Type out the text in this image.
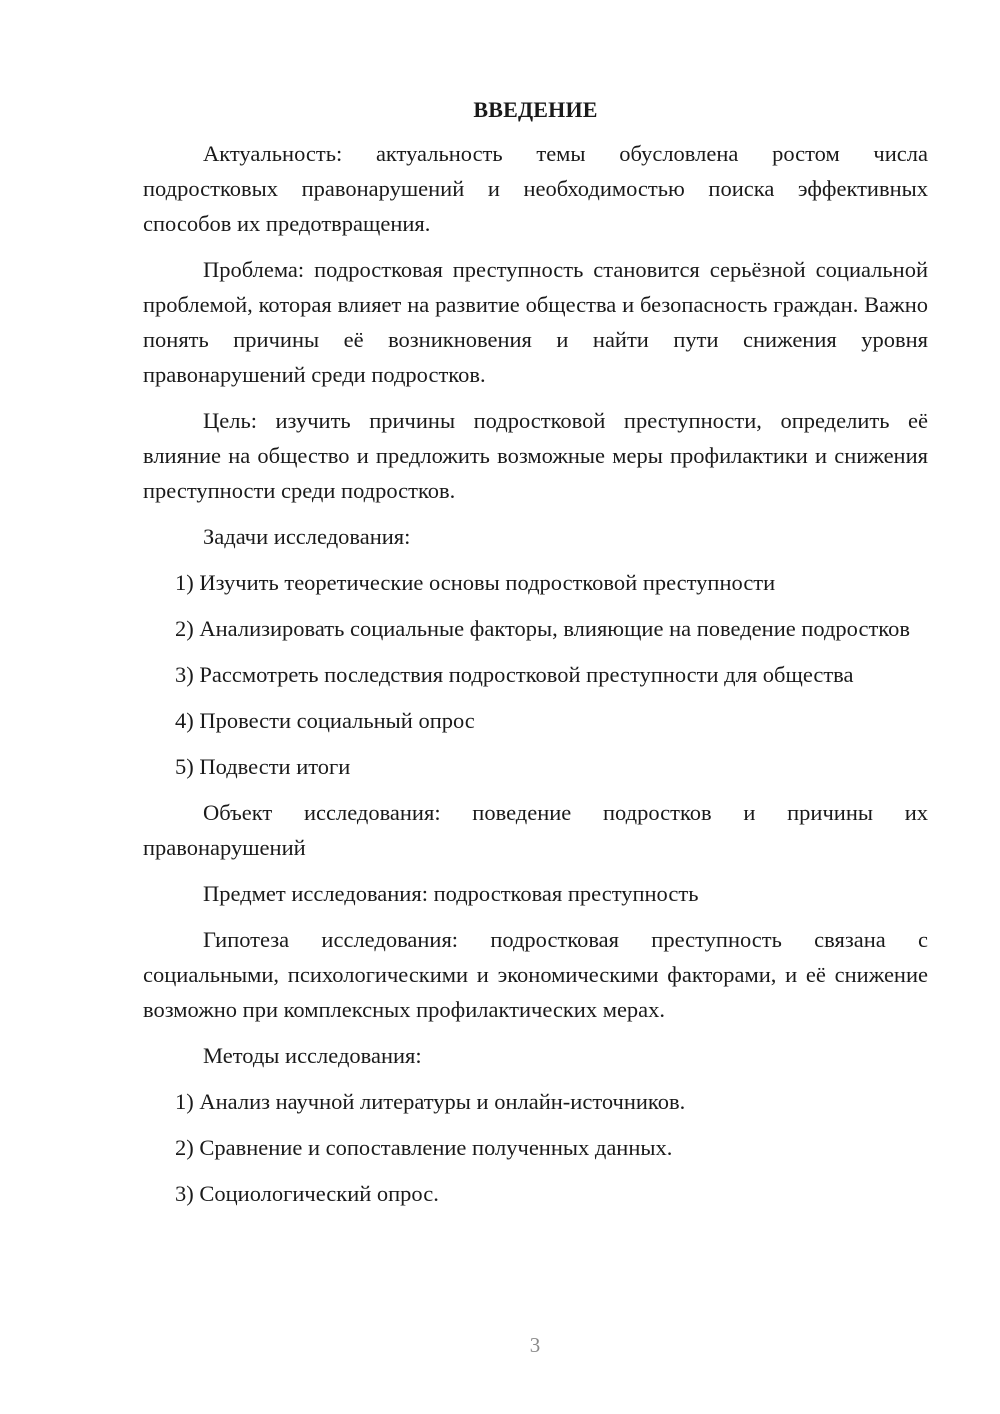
ВВЕДЕНИЕ

Актуальность: актуальность темы обусловлена ростом числа подростковых правонарушений и необходимостью поиска эффективных способов их предотвращения.

Проблема: подростковая преступность становится серьёзной социальной проблемой, которая влияет на развитие общества и безопасность граждан. Важно понять причины её возникновения и найти пути снижения уровня правонарушений среди подростков.

Цель: изучить причины подростковой преступности, определить её влияние на общество и предложить возможные меры профилактики и снижения преступности среди подростков.

Задачи исследования:

1) Изучить теоретические основы подростковой преступности

2) Анализировать социальные факторы, влияющие на поведение подростков

3) Рассмотреть последствия подростковой преступности для общества

4) Провести социальный опрос

5) Подвести итоги

Объект исследования: поведение подростков и причины их правонарушений

Предмет исследования: подростковая преступность

Гипотеза исследования: подростковая преступность связана с социальными, психологическими и экономическими факторами, и её снижение возможно при комплексных профилактических мерах.

Методы исследования:

1) Анализ научной литературы и онлайн-источников.

2) Сравнение и сопоставление полученных данных.

3) Социологический опрос.

3
